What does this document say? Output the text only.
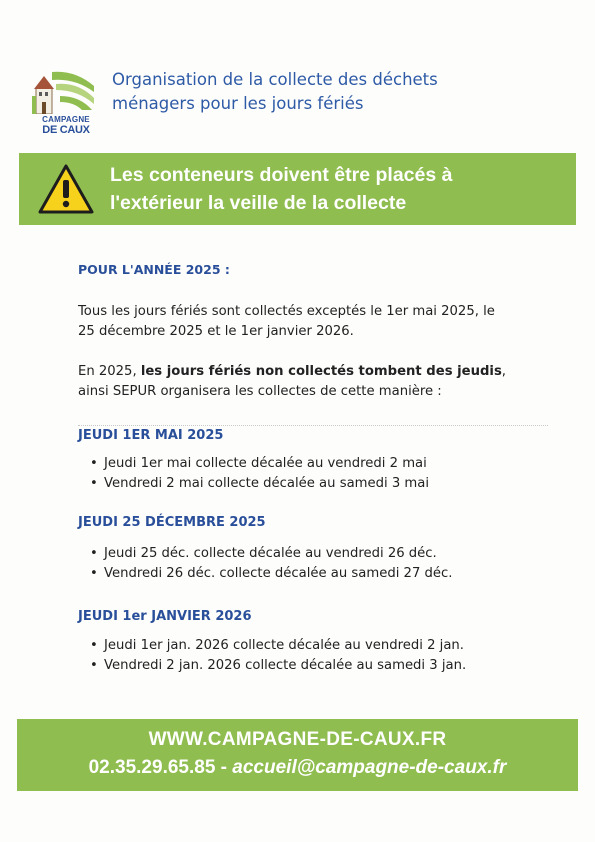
CAMPAGNE
DE CAUX
Organisation de la collecte des déchets
ménagers pour les jours fériés

Les conteneurs doivent être placés à
l'extérieur la veille de la collecte

POUR L'ANNÉE 2025 :

Tous les jours fériés sont collectés exceptés le 1er mai 2025, le
25 décembre 2025 et le 1er janvier 2026.

En 2025, les jours fériés non collectés tombent des jeudis,
ainsi SEPUR organisera les collectes de cette manière :

JEUDI 1ER MAI 2025
• Jeudi 1er mai collecte décalée au vendredi 2 mai
• Vendredi 2 mai collecte décalée au samedi 3 mai
JEUDI 25 DÉCEMBRE 2025
• Jeudi 25 déc. collecte décalée au vendredi 26 déc.
• Vendredi 26 déc. collecte décalée au samedi 27 déc.
JEUDI 1er JANVIER 2026
• Jeudi 1er jan. 2026 collecte décalée au vendredi 2 jan.
• Vendredi 2 jan. 2026 collecte décalée au samedi 3 jan.
WWW.CAMPAGNE-DE-CAUX.FR
02.35.29.65.85 - accueil@campagne-de-caux.fr
